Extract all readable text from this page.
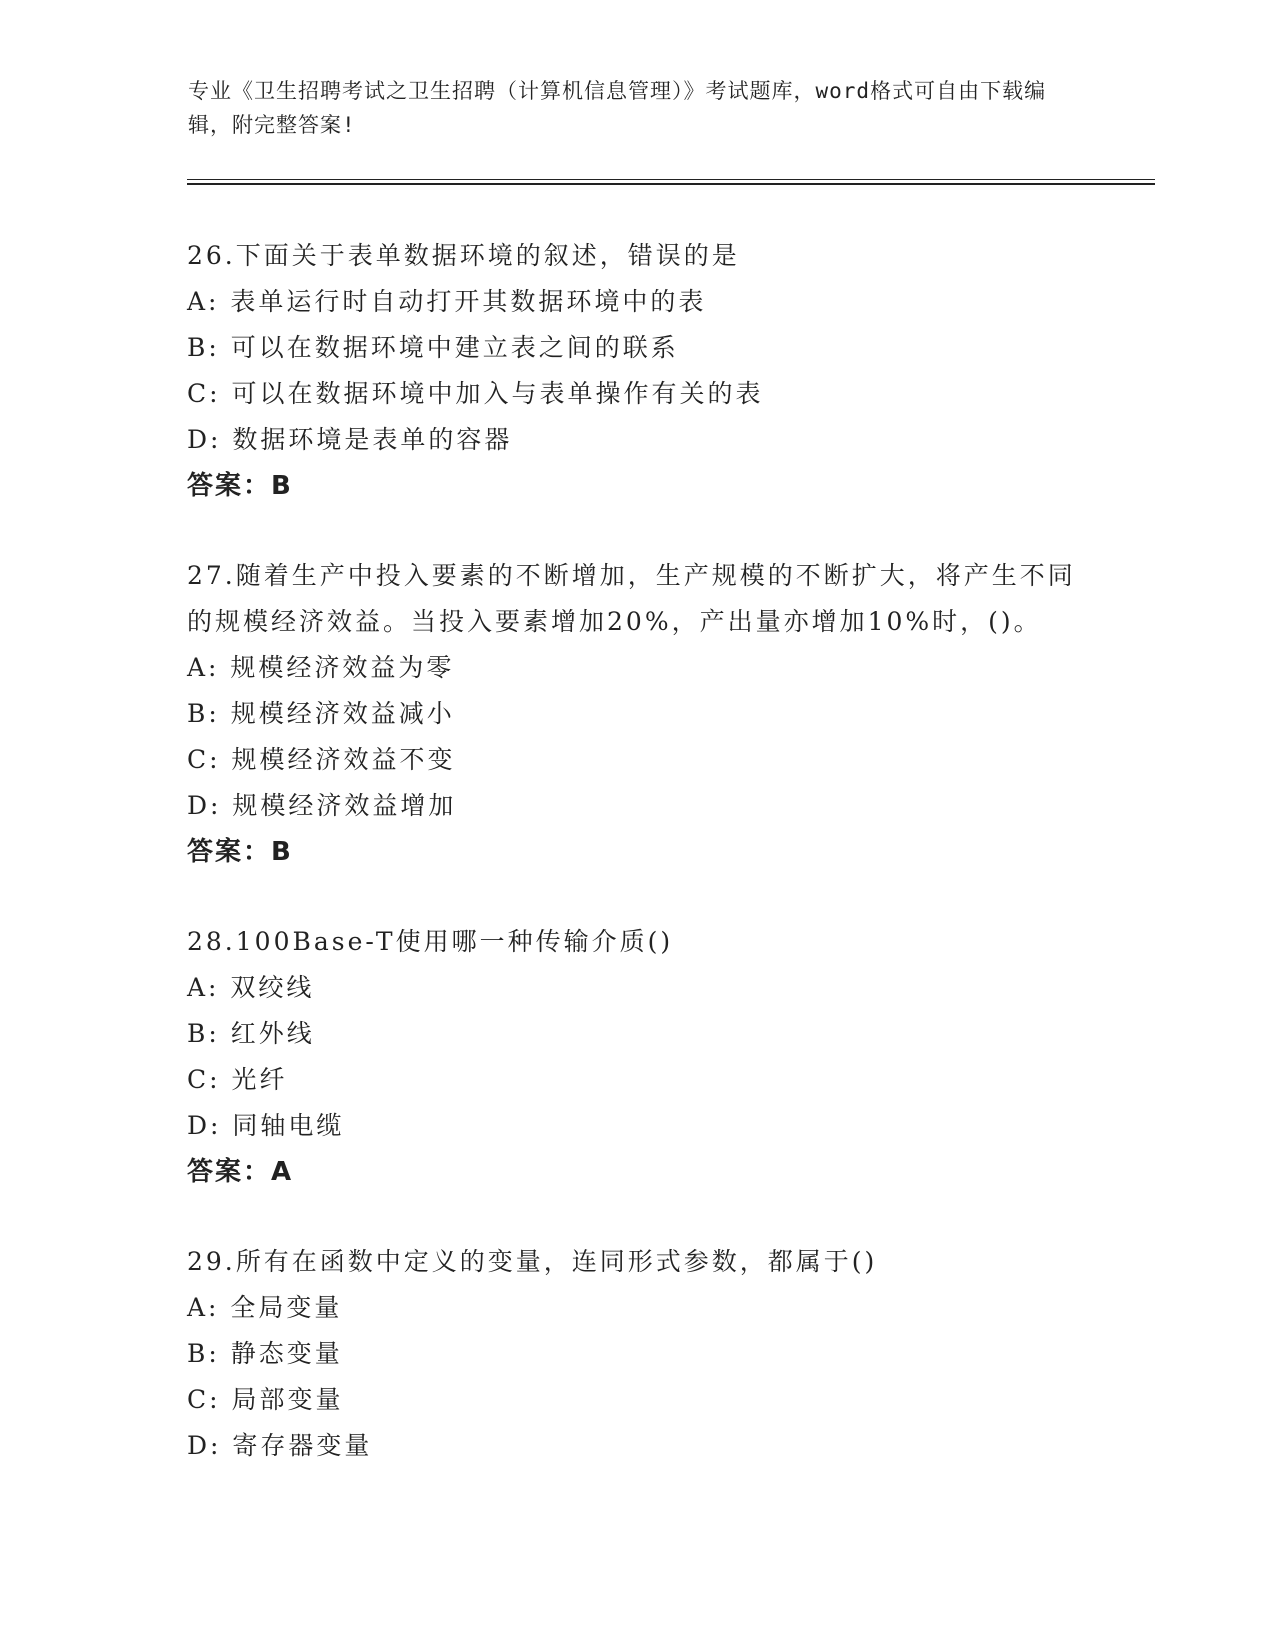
专业《卫生招聘考试之卫生招聘（计算机信息管理）》考试题库，word格式可自由下载编辑，附完整答案!
26.下面关于表单数据环境的叙述，错误的是
A: 表单运行时自动打开其数据环境中的表
B: 可以在数据环境中建立表之间的联系
C: 可以在数据环境中加入与表单操作有关的表
D: 数据环境是表单的容器
答案：B
27.随着生产中投入要素的不断增加，生产规模的不断扩大，将产生不同的规模经济效益。当投入要素增加20%，产出量亦增加10%时，()。
A: 规模经济效益为零
B: 规模经济效益减小
C: 规模经济效益不变
D: 规模经济效益增加
答案：B
28.100Base-T使用哪一种传输介质()
A: 双绞线
B: 红外线
C: 光纤
D: 同轴电缆
答案：A
29.所有在函数中定义的变量，连同形式参数，都属于()
A: 全局变量
B: 静态变量
C: 局部变量
D: 寄存器变量
